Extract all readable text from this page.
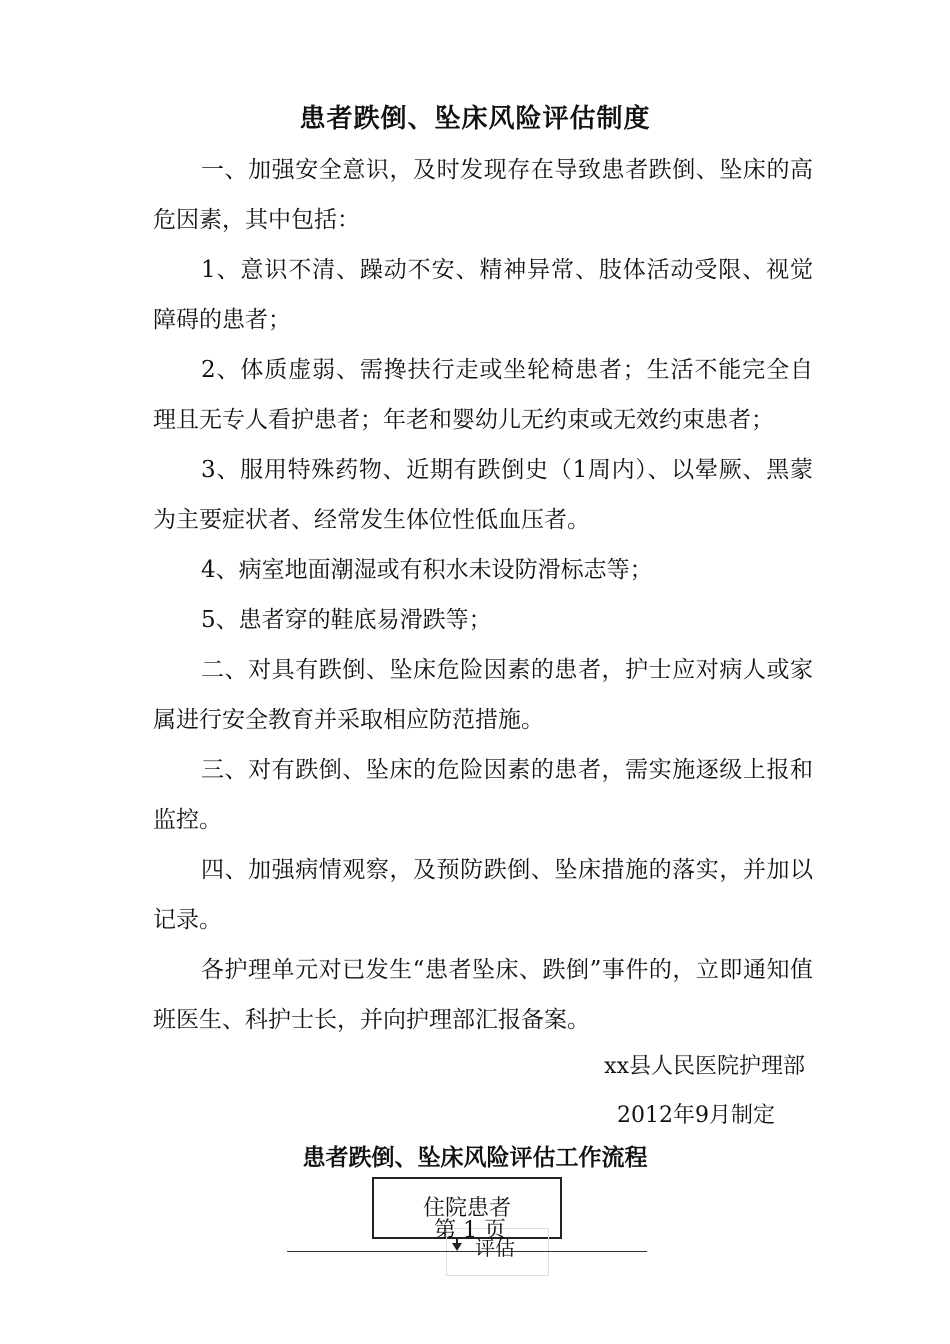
患者跌倒、坠床风险评估制度

一、加强安全意识，及时发现存在导致患者跌倒、坠床的高危因素，其中包括：

1、意识不清、躁动不安、精神异常、肢体活动受限、视觉障碍的患者；

2、体质虚弱、需搀扶行走或坐轮椅患者；生活不能完全自理且无专人看护患者；年老和婴幼儿无约束或无效约束患者；

3、服用特殊药物、近期有跌倒史（1周内）、以晕厥、黑蒙为主要症状者、经常发生体位性低血压者。

4、病室地面潮湿或有积水未设防滑标志等；

5、患者穿的鞋底易滑跌等；

二、对具有跌倒、坠床危险因素的患者，护士应对病人或家属进行安全教育并采取相应防范措施。

三、对有跌倒、坠床的危险因素的患者，需实施逐级上报和监控。

四、加强病情观察，及预防跌倒、坠床措施的落实，并加以记录。

各护理单元对已发生“患者坠床、跌倒”事件的，立即通知值班医生、科护士长，并向护理部汇报备案。

xx县人民医院护理部
2012年9月制定
患者跌倒、坠床风险评估工作流程
住院患者
评估
第 1 页
